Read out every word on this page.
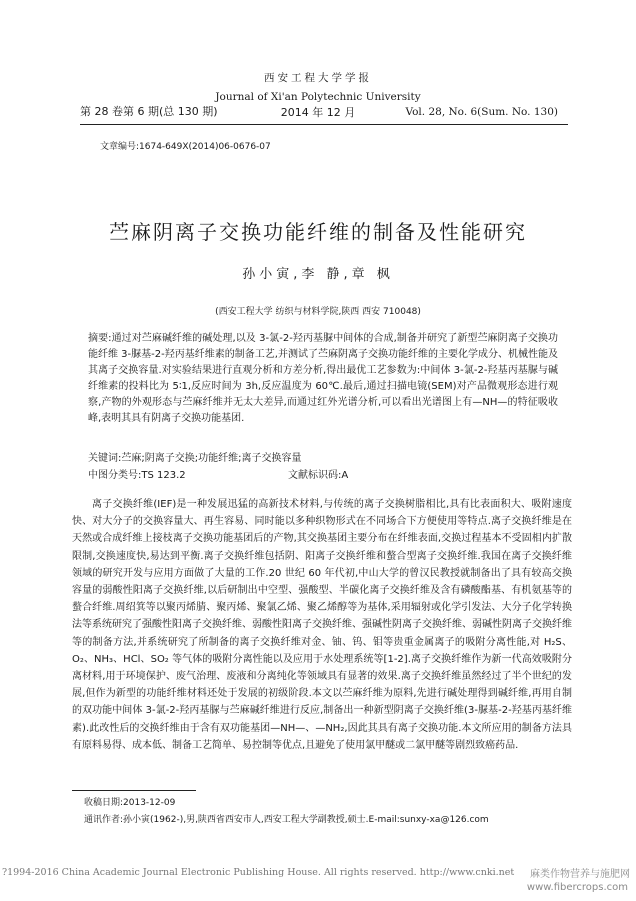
西安工程大学学报
Journal of Xi'an Polytechnic University
第 28 卷第 6 期(总 130 期)	2014 年 12 月	Vol. 28, No. 6(Sum. No. 130)
文章编号:1674-649X(2014)06-0676-07
苎麻阴离子交换功能纤维的制备及性能研究
孙小寅,李 静,章 枫
(西安工程大学 纺织与材料学院,陕西 西安 710048)
摘要:通过对苎麻碱纤维的碱处理,以及 3-氯-2-羟丙基脲中间体的合成,制备并研究了新型苎麻阴离子交换功能纤维 3-脲基-2-羟丙基纤维素的制备工艺,并测试了苎麻阴离子交换功能纤维的主要化学成分、机械性能及其离子交换容量.对实验结果进行直观分析和方差分析,得出最优工艺参数为:中间体 3-氯-2-羟基丙基脲与碱纤维素的投料比为 5∶1,反应时间为 3h,反应温度为 60℃.最后,通过扫描电镜(SEM)对产品微观形态进行观察,产物的外观形态与苎麻纤维并无太大差异,而通过红外光谱分析,可以看出光谱图上有—NH—的特征吸收峰,表明其具有阴离子交换功能基团.
关键词:苎麻;阴离子交换;功能纤维;离子交换容量
中图分类号:TS 123.2	文献标识码:A
离子交换纤维(IEF)是一种发展迅猛的高新技术材料,与传统的离子交换树脂相比,具有比表面积大、吸附速度快、对大分子的交换容量大、再生容易、同时能以多种织物形式在不同场合下方便使用等特点.离子交换纤维是在天然或合成纤维上接枝离子交换功能基团后的产物,其交换基团主要分布在纤维表面,交换过程基本不受固相内扩散限制,交换速度快,易达到平衡.离子交换纤维包括阴、阳离子交换纤维和螯合型离子交换纤维.我国在离子交换纤维领域的研究开发与应用方面做了大量的工作.20 世纪 60 年代初,中山大学的曾汉民教授就制备出了具有较高交换容量的弱酸性阳离子交换纤维,以后研制出中空型、强酸型、半碳化离子交换纤维及含有磷酸酯基、有机氨基等的螯合纤维.周绍箕等以聚丙烯腈、聚丙烯、聚氯乙烯、聚乙烯醇等为基体,采用辐射或化学引发法、大分子化学转换法等系统研究了强酸性阳离子交换纤维、弱酸性阳离子交换纤维、强碱性阴离子交换纤维、弱碱性阴离子交换纤维等的制备方法,并系统研究了所制备的离子交换纤维对金、铀、钨、钼等贵重金属离子的吸附分离性能,对 H₂S、O₂、NH₃、HCl、SO₂ 等气体的吸附分离性能以及应用于水处理系统等[1-2].离子交换纤维作为新一代高效吸附分离材料,用于环境保护、废气治理、废液和分离纯化等领域具有显著的效果.离子交换纤维虽然经过了半个世纪的发展,但作为新型的功能纤维材料还处于发展的初级阶段.本文以苎麻纤维为原料,先进行碱处理得到碱纤维,再用自制的双功能中间体 3-氯-2-羟丙基脲与苎麻碱纤维进行反应,制备出一种新型阴离子交换纤维(3-脲基-2-羟基丙基纤维素).此改性后的交换纤维由于含有双功能基团—NH—、—NH₂,因此其具有离子交换功能.本文所应用的制备方法具有原料易得、成本低、制备工艺简单、易控制等优点,且避免了使用氯甲醚或二氯甲醚等剧烈致癌药品.
收稿日期:2013-12-09
通讯作者:孙小寅(1962-),男,陕西省西安市人,西安工程大学副教授,硕士.E-mail:sunxy-xa@126.com
?1994-2016 China Academic Journal Electronic Publishing House. All rights reserved. http://www.cnki.net 麻类作物营养与施肥网
www.fibercrops.com
